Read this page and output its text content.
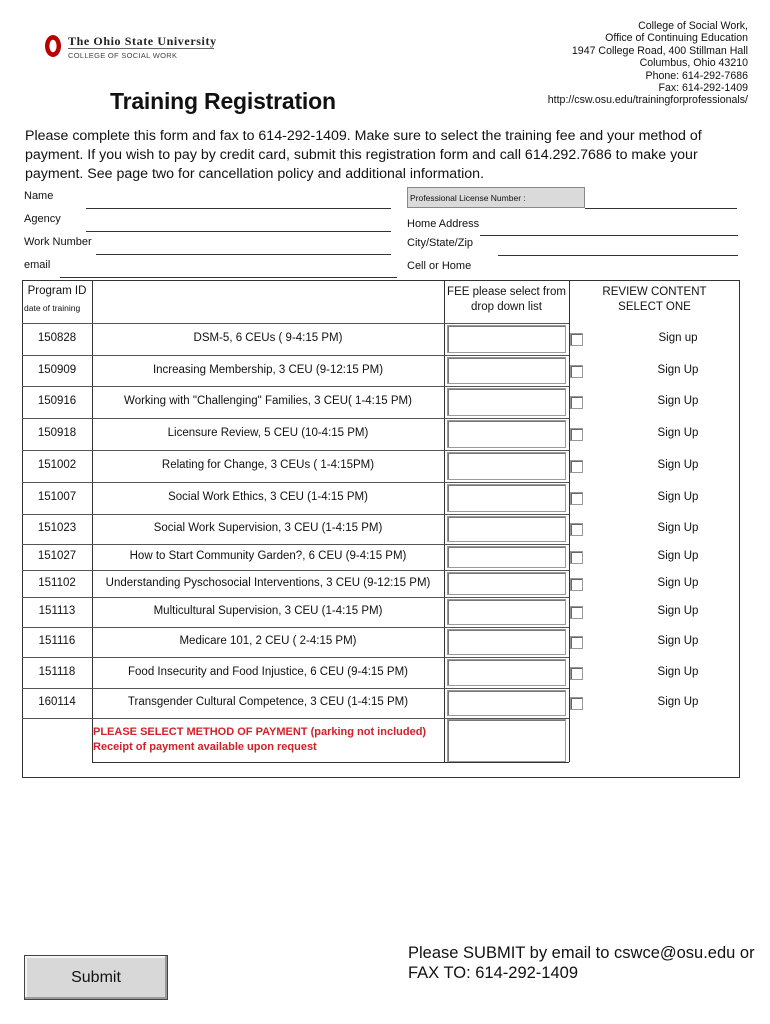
The Ohio State University
COLLEGE OF SOCIAL WORK
College of Social Work,
Office of Continuing Education
1947 College Road, 400 Stillman Hall
Columbus, Ohio 43210
Phone: 614-292-7686
Fax: 614-292-1409
http://csw.osu.edu/trainingforprofessionals/
Training Registration
Please complete this form and fax to 614-292-1409. Make sure to select the training fee and your method of payment. If you wish to pay by credit card, submit this registration form and call 614.292.7686 to make your payment. See page two for cancellation policy and additional information.
Name
Agency
Work Number
email
Professional License Number :
Home Address
City/State/Zip
Cell or Home
Program ID
date of training
FEE please select from
drop down list
REVIEW CONTENT
SELECT ONE
150828	DSM-5, 6 CEUs ( 9-4:15 PM)	Sign up
150909	Increasing Membership, 3 CEU (9-12:15 PM)	Sign Up
150916	Working with "Challenging" Families, 3 CEU( 1-4:15 PM)	Sign Up
150918	Licensure Review, 5 CEU (10-4:15 PM)	Sign Up
151002	Relating for Change, 3 CEUs ( 1-4:15PM)	Sign Up
151007	Social Work Ethics, 3 CEU (1-4:15 PM)	Sign Up
151023	Social Work Supervision, 3 CEU (1-4:15 PM)	Sign Up
151027	How to Start Community Garden?, 6 CEU (9-4:15 PM)	Sign Up
151102	Understanding Pyschosocial Interventions, 3 CEU (9-12:15 PM)	Sign Up
151113	Multicultural Supervision, 3 CEU (1-4:15 PM)	Sign Up
151116	Medicare 101, 2 CEU ( 2-4:15 PM)	Sign Up
151118	Food Insecurity and Food Injustice, 6 CEU (9-4:15 PM)	Sign Up
160114	Transgender Cultural Competence, 3 CEU (1-4:15 PM)	Sign Up
PLEASE SELECT METHOD OF PAYMENT (parking not included)
Receipt of payment available upon request
Submit
Please SUBMIT by email to cswce@osu.edu or
FAX TO: 614-292-1409
